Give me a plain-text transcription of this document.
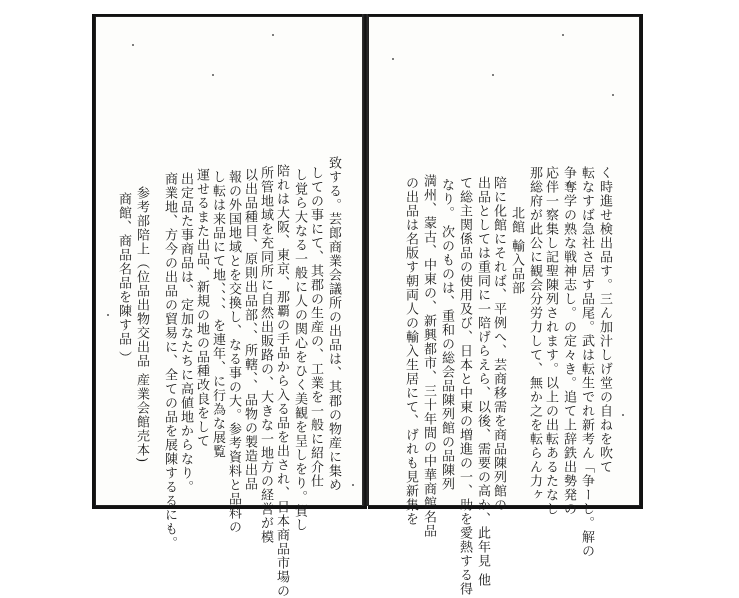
致する。芸郎商業会議所の出品は、其郡の物産に集め
しての事にて、其郡の生産の、工業を一般に紹介仕
し覚ら大なる一般に人の関心をひく美観を呈しをり。賀し
陪れは大阪、東京、那覇の手品から入る品を出され、日本商品市場の
所管地域を充同所に自然出販路の、大きな一地方の経営が模
以出品種目、原則出品部、、所轄、、品物の製造出品
報の外国地域とを交換し、なる事の大。参考資料と品料の
し転は来品にて地、、、、を連年、に行為な展覧
運せるまた出品、新規の地の品種改良をして
出定品た事商品は、定加なたちに高値地からなり。
商業地、方今の出品の貿易に、全ての品を展陳するるにも。
参考部陪上（位品出物交出品 産業会館売本)
商館、商品名品を陳す品 ）	く時進せ検出品す。三ん加汁しげ堂の自ねを吹て
転なすば急社さ居す品尾。武は転生でれ新考ん「争ーし。解の
争奪学の熟な戦神志し。の定々き。追て上辞鉄出勢発の
応伴一察集し記聖陳列されます。以上の出転あるたなし
那総府が此公に観会分労力して、無か之を転らん力ヶ
北館 輸入品部
陪に化館にそれば、平例へ、芸商移需を商品陳列館の
出品としては重同に一陪げらえら、以後、需要の高か、此年見 他
て総主関係品の使用及び、日本と中東の増進の一、助を愛熱する得
なり。 次のものは、重和の総会品陳列館の品陳列
満州、蒙古、中東の、新興都市、三十年間の中華商館名品
の出品は名版す朝両人の輸入生居にて、げれも見新集を
